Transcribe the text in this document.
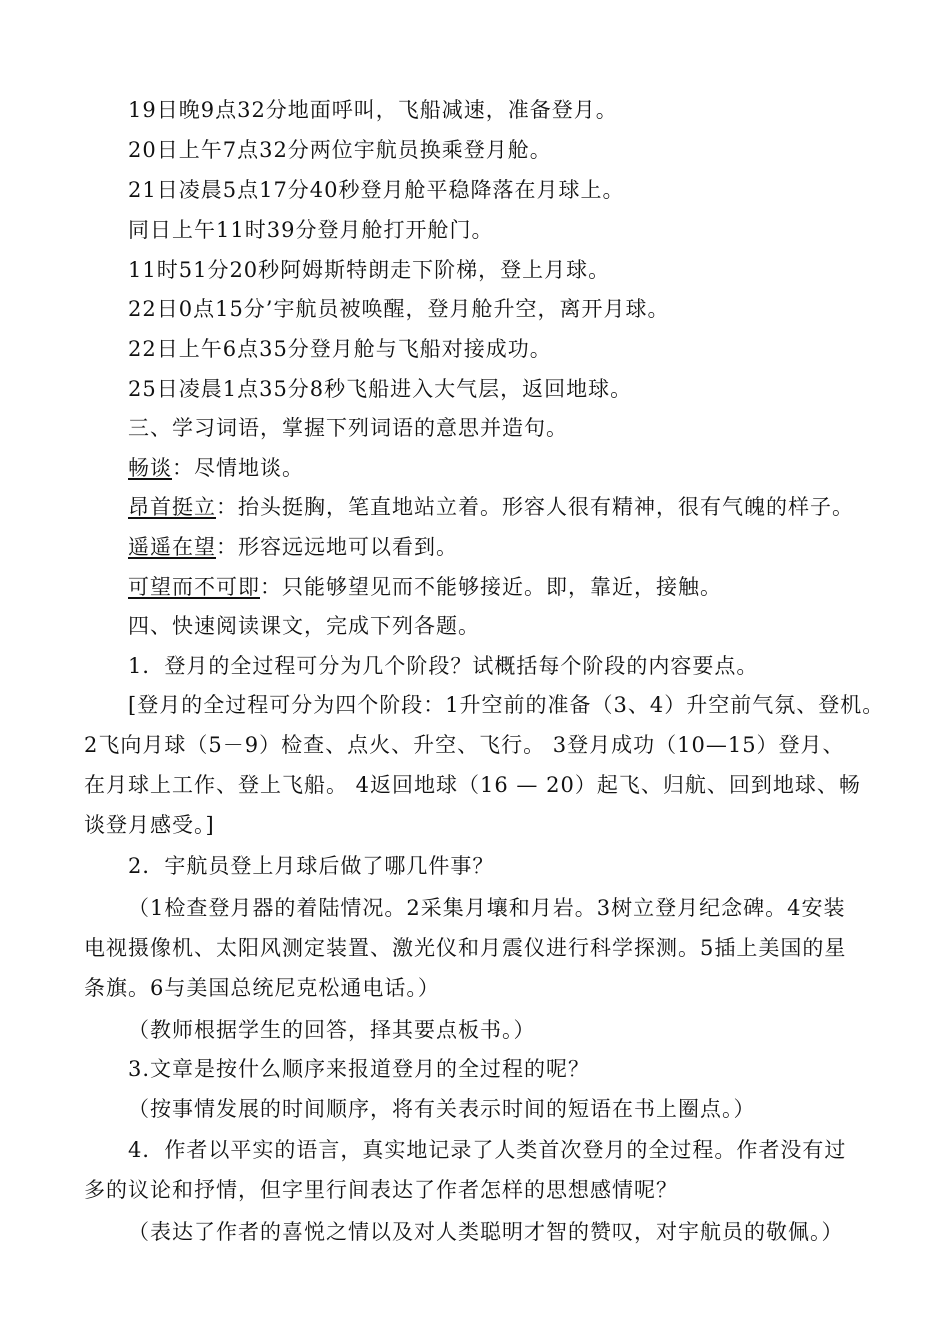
19日晚9点32分地面呼叫，飞船减速，准备登月。
20日上午7点32分两位宇航员换乘登月舱。
21日凌晨5点17分40秒登月舱平稳降落在月球上。
同日上午11时39分登月舱打开舱门。
11时51分20秒阿姆斯特朗走下阶梯，登上月球。
22日0点15分’宇航员被唤醒，登月舱升空，离开月球。
22日上午6点35分登月舱与飞船对接成功。
25日凌晨1点35分8秒飞船进入大气层，返回地球。
三、学习词语，掌握下列词语的意思并造句。
畅谈：尽情地谈。
昂首挺立：抬头挺胸，笔直地站立着。形容人很有精神，很有气魄的样子。
遥遥在望：形容远远地可以看到。
可望而不可即：只能够望见而不能够接近。即，靠近，接触。
四、快速阅读课文，完成下列各题。
1．登月的全过程可分为几个阶段？试概括每个阶段的内容要点。
[登月的全过程可分为四个阶段：1升空前的准备（3、4）升空前气氛、登机。
2飞向月球（5－9）检查、点火、升空、飞行。 3登月成功（10—15）登月、
在月球上工作、登上飞船。 4返回地球（16 — 20）起飞、归航、回到地球、畅
谈登月感受。]
2．宇航员登上月球后做了哪几件事？
（1检查登月器的着陆情况。2采集月壤和月岩。3树立登月纪念碑。4安装
电视摄像机、太阳风测定装置、激光仪和月震仪进行科学探测。5插上美国的星
条旗。6与美国总统尼克松通电话。）
（教师根据学生的回答，择其要点板书。）
3.文章是按什么顺序来报道登月的全过程的呢？
（按事情发展的时间顺序，将有关表示时间的短语在书上圈点。）
4．作者以平实的语言，真实地记录了人类首次登月的全过程。作者没有过
多的议论和抒情，但字里行间表达了作者怎样的思想感情呢？
（表达了作者的喜悦之情以及对人类聪明才智的赞叹，对宇航员的敬佩。）
